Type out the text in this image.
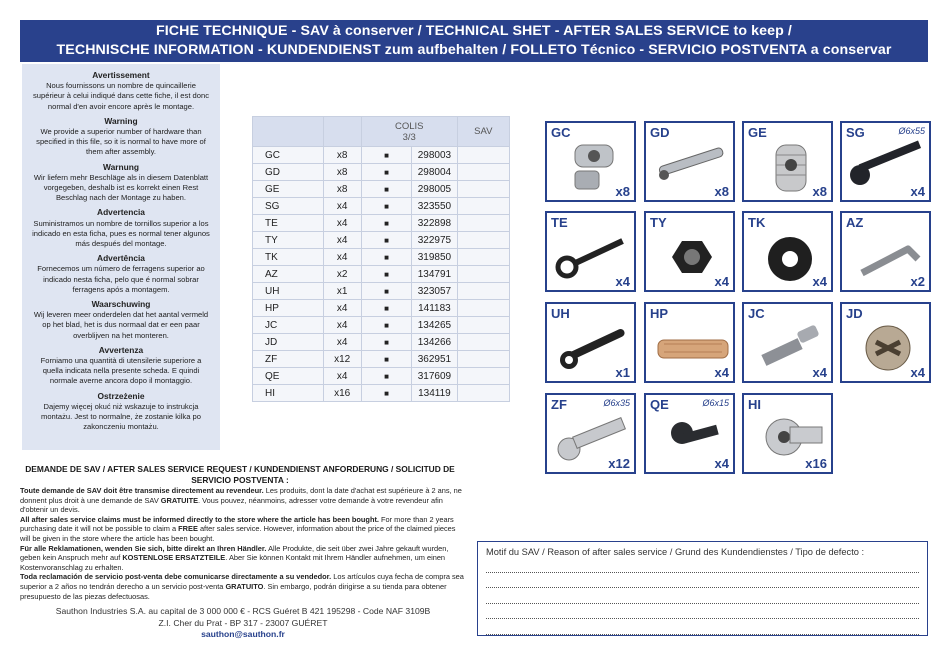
FICHE TECHNIQUE - SAV à conserver / TECHNICAL SHET - AFTER SALES SERVICE to keep /
TECHNISCHE INFORMATION - KUNDENDIENST zum aufbehalten / FOLLETO Técnico - SERVICIO POSTVENTA a conservar
Avertissement
Nous fournissons un nombre de quincaillerie supérieur à celui indiqué dans cette fiche, il est donc normal d'en avoir encore après le montage.
Warning
We provide a superior number of hardware than specified in this file, so it is normal to have more of them after assembly.
Warnung
Wir liefern mehr Beschläge als in diesem Datenblatt vorgegeben, deshalb ist es korrekt einen Rest Beschlag nach der Montage zu haben.
Advertencia
Suministramos un nombre de tornillos superior a los indicado en esta ficha, pues es normal tener algunos más después del montage.
Advertência
Fornecemos um número de ferragens superior ao indicado nesta ficha, pelo que é normal sobrar ferragens após a montagem.
Waarschuwing
Wij leveren meer onderdelen dat het aantal vermeld op het blad, het is dus normaal dat er een paar overblijven na het monteren.
Avvertenza
Forniamo una quantità di utensilerie superiore a quella indicata nella presente scheda. E quindi normale averne ancora dopo il montaggio.
Ostrzeżenie
Dajemy więcej okuć niż wskazuje to instrukcja montażu. Jest to normalne, że zostanie kilka po zakonczeniu montażu.
		COLIS
3/3		SAV
GC	x8	■	298003	
GD	x8	■	298004	
GE	x8	■	298005	
SG	x4	■	323550	
TE	x4	■	322898	
TY	x4	■	322975	
TK	x4	■	319850	
AZ	x2	■	134791	
UH	x1	■	323057	
HP	x4	■	141183	
JC	x4	■	134265	
JD	x4	■	134266	
ZF	x12	■	362951	
QE	x4	■	317609	
HI	x16	■	134119	
GC
x8
GD
x8
GE
x8
SG	Ø6x55
x4
TE
x4
TY
x4
TK
x4
AZ
x2
UH
x1
HP
x4
JC
x4
JD
x4
ZF	Ø6x35
x12
QE	Ø6x15
x4
HI
x16
DEMANDE DE SAV / AFTER SALES SERVICE REQUEST / KUNDENDIENST ANFORDERUNG / SOLICITUD DE SERVICIO POSTVENTA :

Toute demande de SAV doit être transmise directement au revendeur. Les produits, dont la date d'achat est supérieure à 2 ans, ne donnent plus droit à une demande de SAV GRATUITE. Vous pouvez, néanmoins, adresser votre demande à votre revendeur afin d'obtenir un devis.

All after sales service claims must be informed directly to the store where the article has been bought. For more than 2 years purchasing date it will not be possible to claim a FREE after sales service. However, information about the price of the claimed pieces will be given in the store where the article has been bought.

Für alle Reklamationen, wenden Sie sich, bitte direkt an Ihren Händler. Alle Produkte, die seit über zwei Jahre gekauft wurden, geben kein Anspruch mehr auf KOSTENLOSE ERSATZTEILE. Aber Sie können Kontakt mit Ihrem Händler aufnehmen, um einen Kostenvoranschlag zu erhalten.

Toda reclamación de servicio post-venta debe comunicarse directamente a su vendedor. Los artículos cuya fecha de compra sea superior a 2 años no tendrán derecho a un servicio post-venta GRATUITO. Sin embargo, podrán dirigirse a su tienda para obtener presupuesto de las piezas defectuosas.

Sauthon Industries S.A. au capital de 3 000 000 € - RCS Guéret B 421 195298 - Code NAF 3109B
Z.I. Cher du Prat - BP 317 - 23007 GUÉRET
sauthon@sauthon.fr
Motif du SAV / Reason of after sales service / Grund des Kundendienstes / Tipo de defecto :
